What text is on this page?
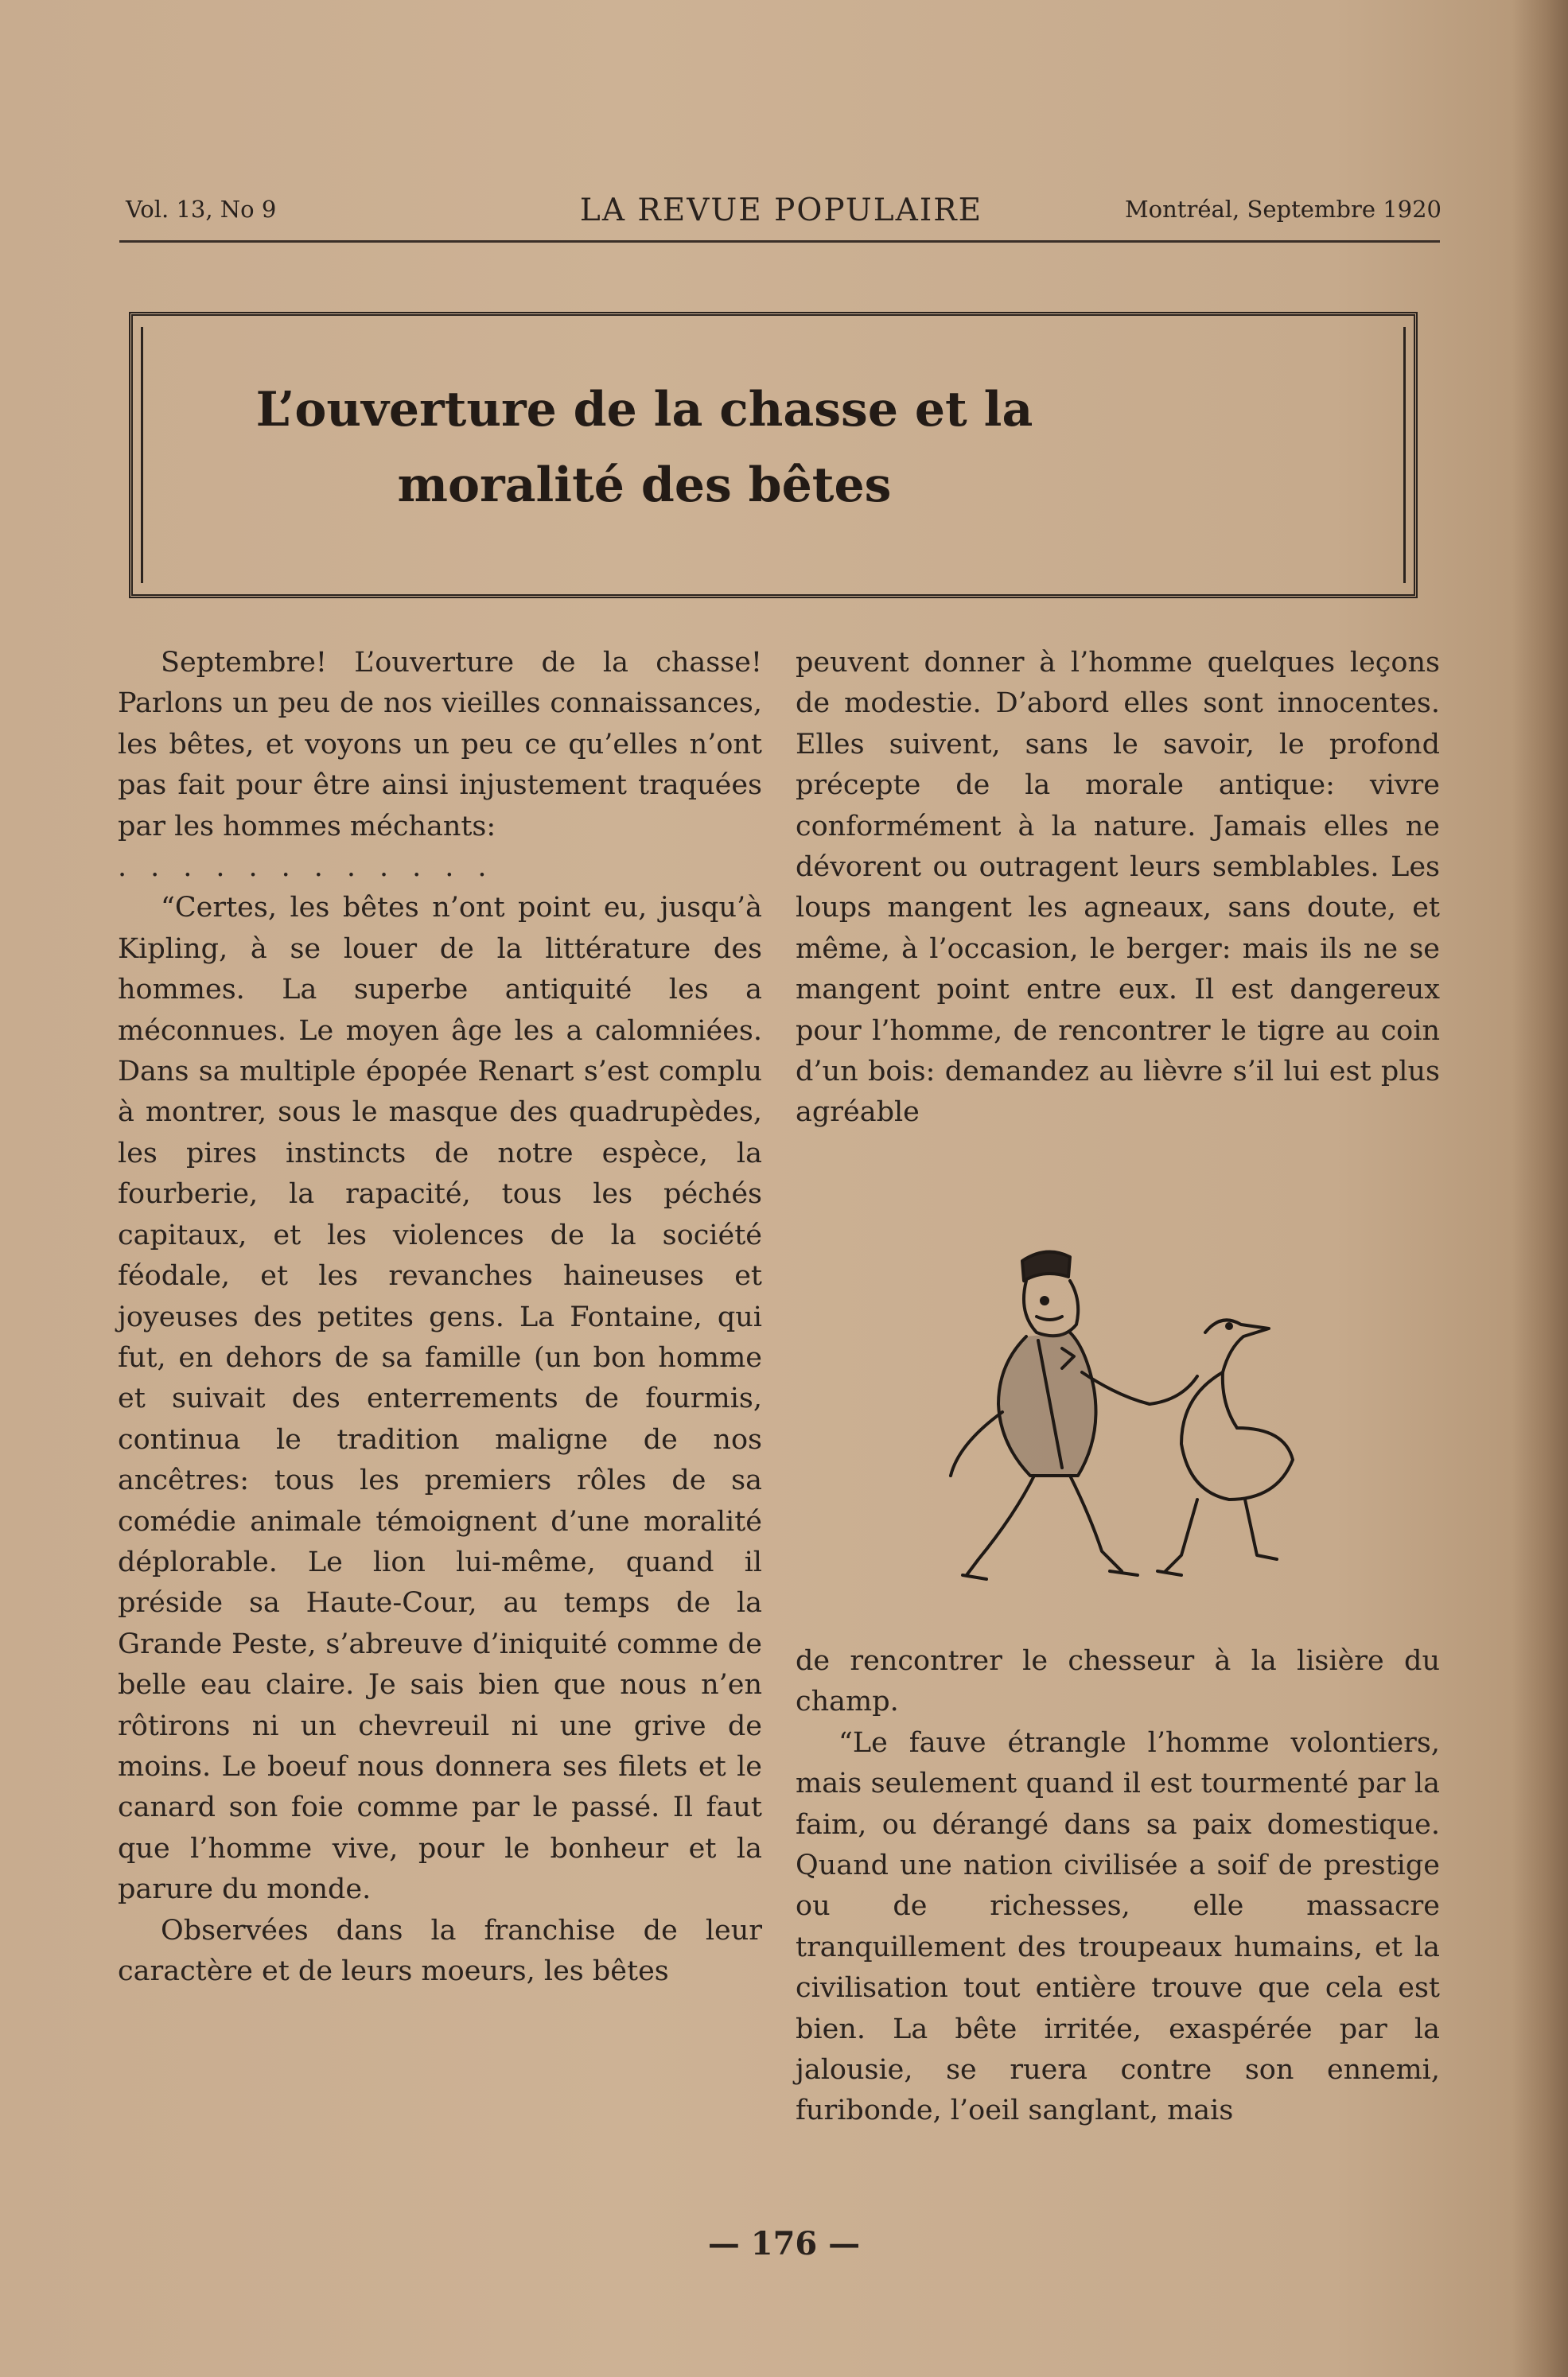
Vol. 13, No 9	LA REVUE POPULAIRE	Montréal, Septembre 1920
L’ouverture de la chasse et la
moralité des bêtes

Septembre! L’ouverture de la chasse! Parlons un peu de nos vieilles connaissances, les bêtes, et voyons un peu ce qu’elles n’ont pas fait pour être ainsi injustement traquées par les hommes méchants:

............

“Certes, les bêtes n’ont point eu, jusqu’à Kipling, à se louer de la littérature des hommes. La superbe antiquité les a méconnues. Le moyen âge les a calomniées. Dans sa multiple épopée Renart s’est complu à montrer, sous le masque des quadrupèdes, les pires instincts de notre espèce, la fourberie, la rapacité, tous les péchés capitaux, et les violences de la société féodale, et les revanches haineuses et joyeuses des petites gens. La Fontaine, qui fut, en dehors de sa famille (un bon homme et suivait des enterrements de fourmis, continua le tradition maligne de nos ancêtres: tous les premiers rôles de sa comédie animale témoignent d’une moralité déplorable. Le lion lui-même, quand il préside sa Haute-Cour, au temps de la Grande Peste, s’abreuve d’iniquité comme de belle eau claire. Je sais bien que nous n’en rôtirons ni un chevreuil ni une grive de moins. Le boeuf nous donnera ses filets et le canard son foie comme par le passé. Il faut que l’homme vive, pour le bonheur et la parure du monde.

Observées dans la franchise de leur caractère et de leurs moeurs, les bêtes

peuvent donner à l’homme quelques leçons de modestie. D’abord elles sont innocentes. Elles suivent, sans le savoir, le profond précepte de la morale antique: vivre conformément à la nature. Jamais elles ne dévorent ou outragent leurs semblables. Les loups mangent les agneaux, sans doute, et même, à l’occasion, le berger: mais ils ne se mangent point entre eux. Il est dangereux pour l’homme, de rencontrer le tigre au coin d’un bois: demandez au lièvre s’il lui est plus agréable

de rencontrer le chesseur à la lisière du champ.

“Le fauve étrangle l’homme volontiers, mais seulement quand il est tourmenté par la faim, ou dérangé dans sa paix domestique. Quand une nation civilisée a soif de prestige ou de richesses, elle massacre tranquillement des troupeaux humains, et la civilisation tout entière trouve que cela est bien. La bête irritée, exaspérée par la jalousie, se ruera contre son ennemi, furibonde, l’oeil sanglant, mais

— 176 —
